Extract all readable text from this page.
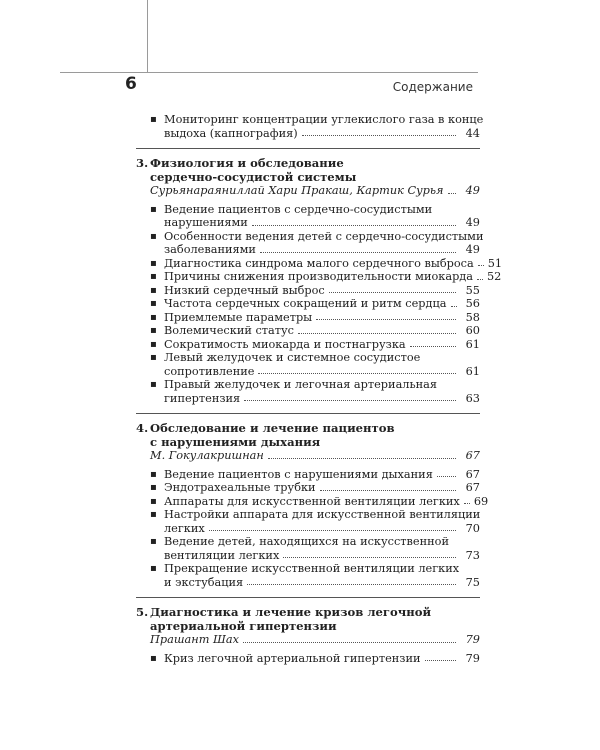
6	Содержание
▪ Мониторинг концентрации углекислого газа в конце
выдоха (капнография)	44
3. Физиология и обследование
сердечно-сосудистой системы
Сурьянараяниллай Хари Пракаш, Картик Сурья	49
▪ Ведение пациентов с сердечно-сосудистыми
нарушениями	49
▪ Особенности ведения детей с сердечно-сосудистыми
заболеваниями	49
▪ Диагностика синдрома малого сердечного выброса 51
▪ Причины снижения производительности миокарда 52
▪ Низкий сердечный выброс	55
▪ Частота сердечных сокращений и ритм сердца	56
▪ Приемлемые параметры	58
▪ Волемический статус	60
▪ Сократимость миокарда и постнагрузка	61
▪ Левый желудочек и системное сосудистое
сопротивление	61
▪ Правый желудочек и легочная артериальная
гипертензия	63
4. Обследование и лечение пациентов
с нарушениями дыхания
М. Гокулакришнан	67
▪ Ведение пациентов с нарушениями дыхания	67
▪ Эндотрахеальные трубки	67
▪ Аппараты для искусственной вентиляции легких 69
▪ Настройки аппарата для искусственной вентиляции
легких	70
▪ Ведение детей, находящихся на искусственной
вентиляции легких	73
▪ Прекращение искусственной вентиляции легких
и экстубация	75
5. Диагностика и лечение кризов легочной
артериальной гипертензии
Прашант Шах	79
▪ Криз легочной артериальной гипертензии	79
